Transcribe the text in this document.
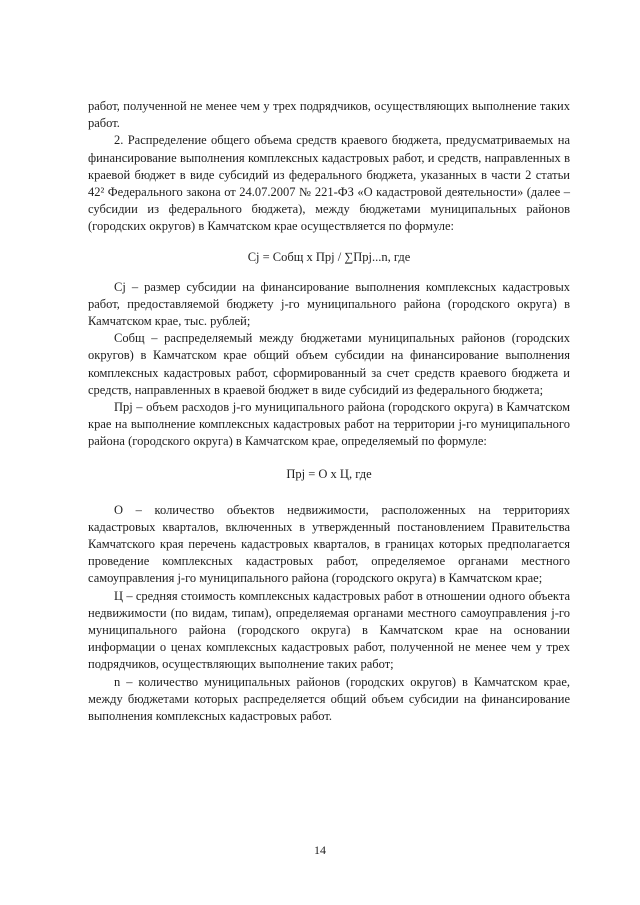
работ, полученной не менее чем у трех подрядчиков, осуществляющих выполнение таких работ.

2. Распределение общего объема средств краевого бюджета, предусматриваемых на финансирование выполнения комплексных кадастровых работ, и средств, направленных в краевой бюджет в виде субсидий из федерального бюджета, указанных в части 2 статьи 42² Федерального закона от 24.07.2007 № 221-ФЗ «О кадастровой деятельности» (далее – субсидии из федерального бюджета), между бюджетами муниципальных районов (городских округов) в Камчатском крае осуществляется по формуле:

Cj = Cобщ x Прj / ∑Прj...n, где

Cj – размер субсидии на финансирование выполнения комплексных кадастровых работ, предоставляемой бюджету j-го муниципального района (городского округа) в Камчатском крае, тыс. рублей;

Cобщ – распределяемый между бюджетами муниципальных районов (городских округов) в Камчатском крае общий объем субсидии на финансирование выполнения комплексных кадастровых работ, сформированный за счет средств краевого бюджета и средств, направленных в краевой бюджет в виде субсидий из федерального бюджета;

Прj – объем расходов j-го муниципального района (городского округа) в Камчатском крае на выполнение комплексных кадастровых работ на территории j-го муниципального района (городского округа) в Камчатском крае, определяемый по формуле:

Прj = O x Ц, где

O – количество объектов недвижимости, расположенных на территориях кадастровых кварталов, включенных в утвержденный постановлением Правительства Камчатского края перечень кадастровых кварталов, в границах которых предполагается проведение комплексных кадастровых работ, определяемое органами местного самоуправления j-го муниципального района (городского округа) в Камчатском крае;

Ц – средняя стоимость комплексных кадастровых работ в отношении одного объекта недвижимости (по видам, типам), определяемая органами местного самоуправления j-го муниципального района (городского округа) в Камчатском крае на основании информации о ценах комплексных кадастровых работ, полученной не менее чем у трех подрядчиков, осуществляющих выполнение таких работ;

n – количество муниципальных районов (городских округов) в Камчатском крае, между бюджетами которых распределяется общий объем субсидии на финансирование выполнения комплексных кадастровых работ.

14
